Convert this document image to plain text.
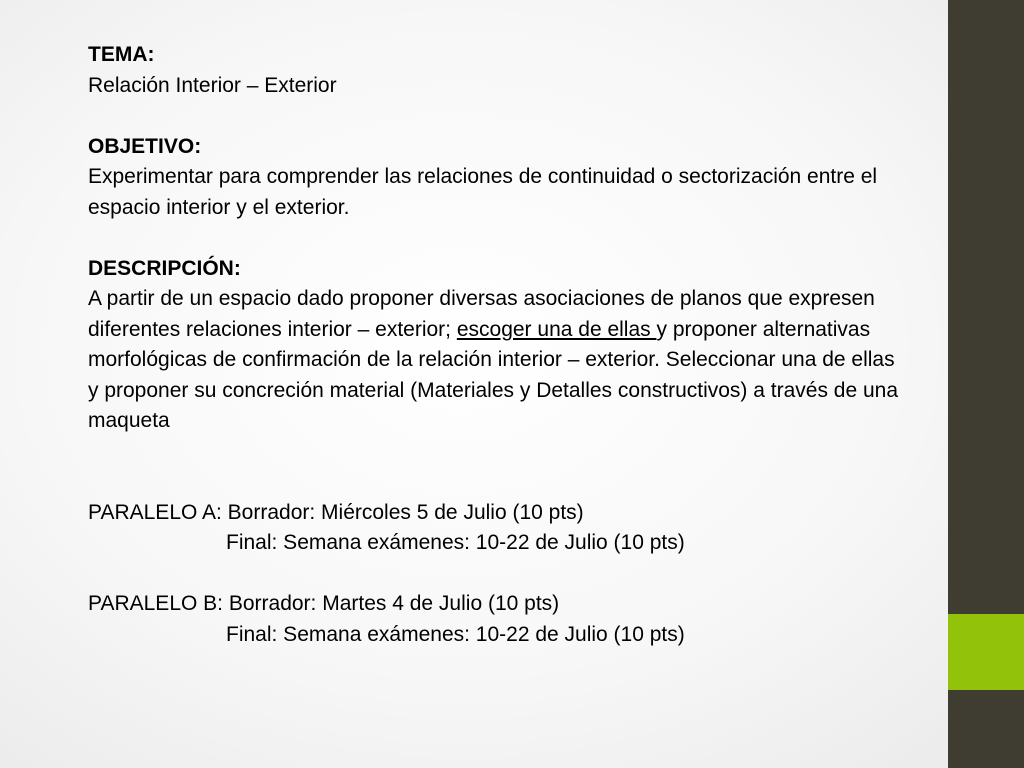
TEMA:

Relación Interior – Exterior

OBJETIVO:

Experimentar para comprender las relaciones de continuidad o sectorización entre el espacio interior y el exterior.

DESCRIPCIÓN:

A partir de un espacio dado proponer diversas asociaciones de planos que expresen diferentes relaciones interior – exterior; escoger una de ellas y proponer alternativas morfológicas de confirmación de la relación interior – exterior. Seleccionar una de ellas y proponer su concreción material (Materiales y Detalles constructivos) a través de una maqueta

PARALELO A: Borrador: Miércoles 5 de Julio (10 pts)

Final: Semana exámenes: 10-22 de Julio (10 pts)

PARALELO B: Borrador: Martes 4 de Julio (10 pts)

Final: Semana exámenes: 10-22 de Julio (10 pts)
